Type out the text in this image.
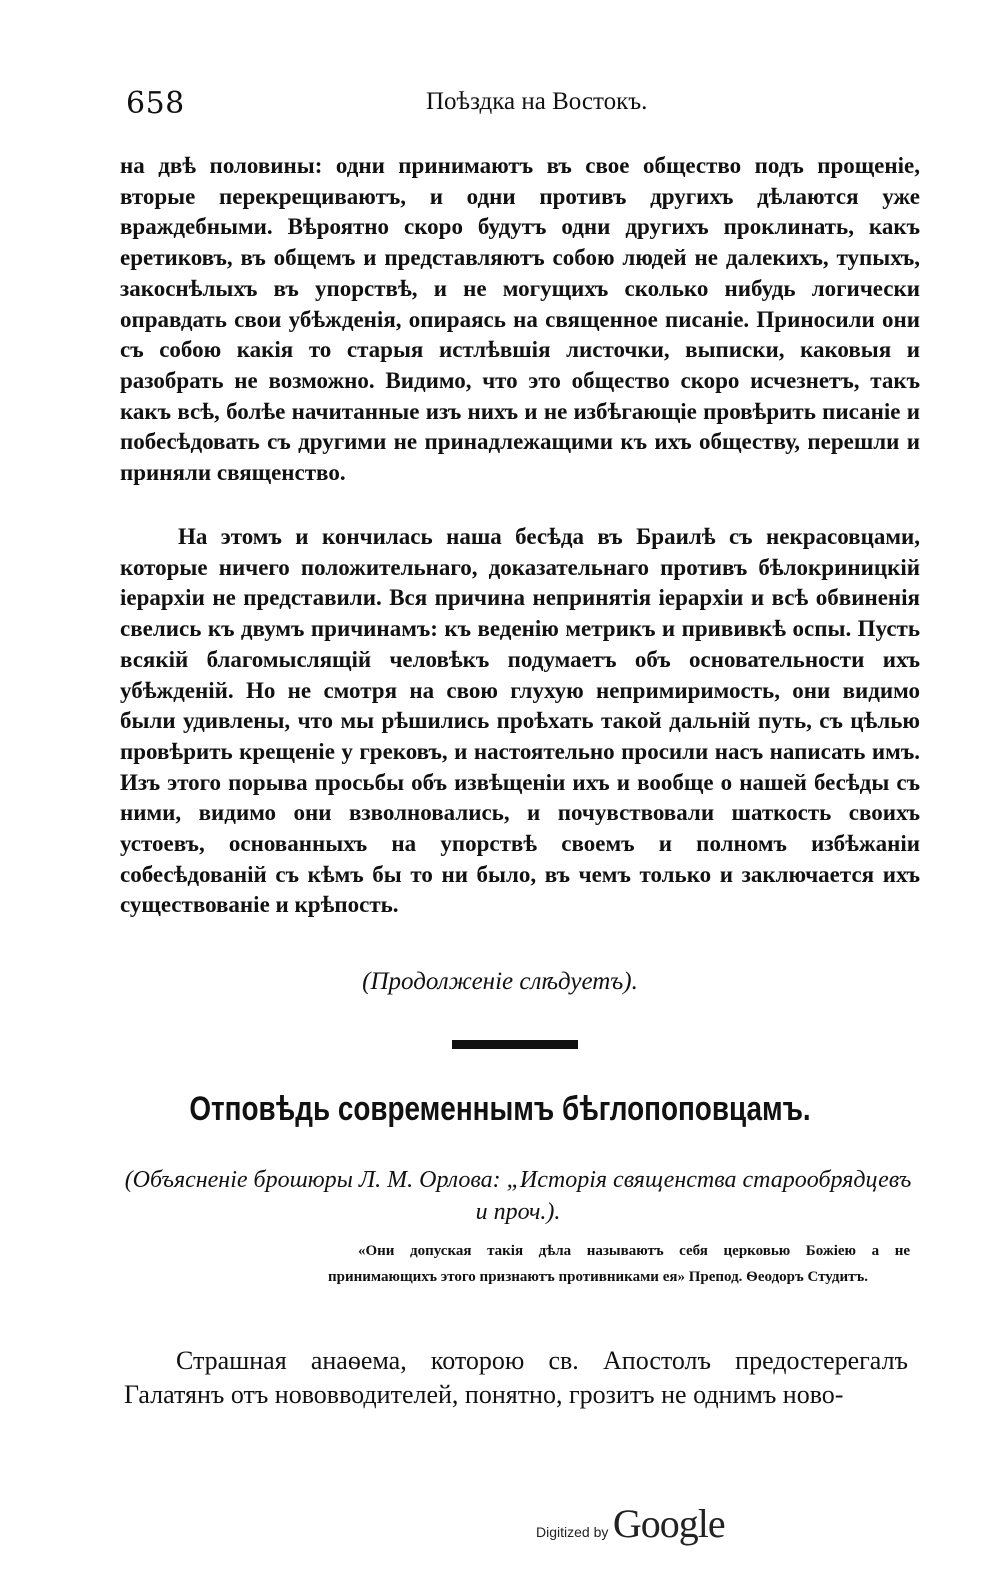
658	Поѣздка на Востокъ.

на двѣ половины: одни принимаютъ въ свое общество подъ прощеніе, вторые перекрещиваютъ, и одни противъ другихъ дѣлаются уже враждебными. Вѣроятно скоро будутъ одни другихъ проклинать, какъ еретиковъ, въ общемъ и представляютъ собою людей не далекихъ, тупыхъ, закоснѣлыхъ въ упорствѣ, и не могущихъ сколько нибудь логически оправдать свои убѣжденія, опираясь на священное писаніе. Приносили они съ собою какія то старыя истлѣвшія листочки, выписки, каковыя и разобрать не возможно. Видимо, что это общество скоро исчезнетъ, такъ какъ всѣ, болѣе начитанные изъ нихъ и не избѣгающіе провѣрить писаніе и побесѣдовать съ другими не принадлежащими къ ихъ обществу, перешли и приняли священство.

На этомъ и кончилась наша бесѣда въ Браилѣ съ некрасовцами, которые ничего положительнаго, доказательнаго противъ бѣлокриницкій іерархіи не представили. Вся причина непринятія іерархіи и всѣ обвиненія свелись къ двумъ причинамъ: къ веденію метрикъ и прививкѣ оспы. Пусть всякій благомыслящій человѣкъ подумаетъ объ основательности ихъ убѣжденій. Но не смотря на свою глухую непримиримость, они видимо были удивлены, что мы рѣшились проѣхать такой дальній путь, съ цѣлью провѣрить крещеніе у грековъ, и настоятельно просили насъ написать имъ. Изъ этого порыва просьбы объ извѣщеніи ихъ и вообще о нашей бесѣды съ ними, видимо они взволновались, и почувствовали шаткость своихъ устоевъ, основанныхъ на упорствѣ своемъ и полномъ избѣжаніи собесѣдованій съ кѣмъ бы то ни было, въ чемъ только и заключается ихъ существованіе и крѣпость.

(Продолженіе слѣдуетъ).
Отповѣдь современнымъ бѣглопоповцамъ.
(Объясненіе брошюры Л. М. Орлова: „Исторія священства старообрядцевъ и проч.).
«Они допуская такія дѣла называютъ себя церковью Божіею а не принимающихъ этого признаютъ противниками ея» Препод. Ѳеодоръ Студитъ.
Страшная анаѳема, которою св. Апостолъ предостерегалъ Галатянъ отъ нововводителей, понятно, грозитъ не однимъ ново-
Digitized by Google
